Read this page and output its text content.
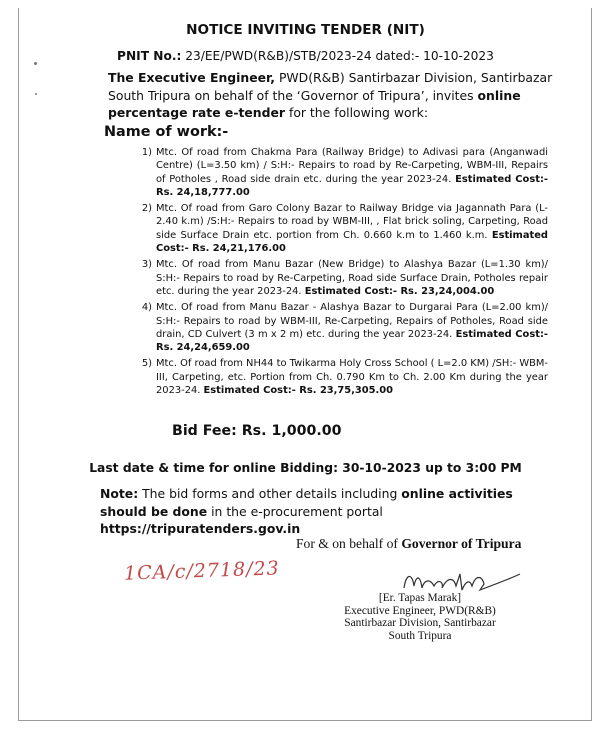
NOTICE INVITING TENDER (NIT)
PNIT No.: 23/EE/PWD(R&B)/STB/2023-24 dated:- 10-10-2023
The Executive Engineer, PWD(R&B) Santirbazar Division, Santirbazar South Tripura on behalf of the ‘Governor of Tripura’, invites online percentage rate e-tender for the following work:
Name of work:-
1) Mtc. Of road from Chakma Para (Railway Bridge) to Adivasi para (Anganwadi Centre) (L=3.50 km) / S:H:- Repairs to road by Re-Carpeting, WBM-III, Repairs of Potholes , Road side drain etc. during the year 2023-24. Estimated Cost:- Rs. 24,18,777.00
2) Mtc. Of road from Garo Colony Bazar to Railway Bridge via Jagannath Para (L-2.40 k.m) /S:H:- Repairs to road by WBM-III, , Flat brick soling, Carpeting, Road side Surface Drain etc. portion from Ch. 0.660 k.m to 1.460 k.m. Estimated Cost:- Rs. 24,21,176.00
3) Mtc. Of road from Manu Bazar (New Bridge) to Alashya Bazar (L=1.30 km)/ S:H:- Repairs to road by Re-Carpeting, Road side Surface Drain, Potholes repair etc. during the year 2023-24. Estimated Cost:- Rs. 23,24,004.00
4) Mtc. Of road from Manu Bazar - Alashya Bazar to Durgarai Para (L=2.00 km)/ S:H:- Repairs to road by WBM-III, Re-Carpeting, Repairs of Potholes, Road side drain, CD Culvert (3 m x 2 m) etc. during the year 2023-24. Estimated Cost:- Rs. 24,24,659.00
5) Mtc. Of road from NH44 to Twikarma Holy Cross School ( L=2.0 KM) /SH:- WBM-III, Carpeting, etc. Portion from Ch. 0.790 Km to Ch. 2.00 Km during the year 2023-24. Estimated Cost:- Rs. 23,75,305.00
Bid Fee: Rs. 1,000.00
Last date & time for online Bidding: 30-10-2023 up to 3:00 PM
Note: The bid forms and other details including online activities should be done in the e-procurement portal https://tripuratenders.gov.in
For & on behalf of Governor of Tripura
1CA/c/2718/23
[Er. Tapas Marak]
Executive Engineer, PWD(R&B)
Santirbazar Division, Santirbazar
South Tripura
